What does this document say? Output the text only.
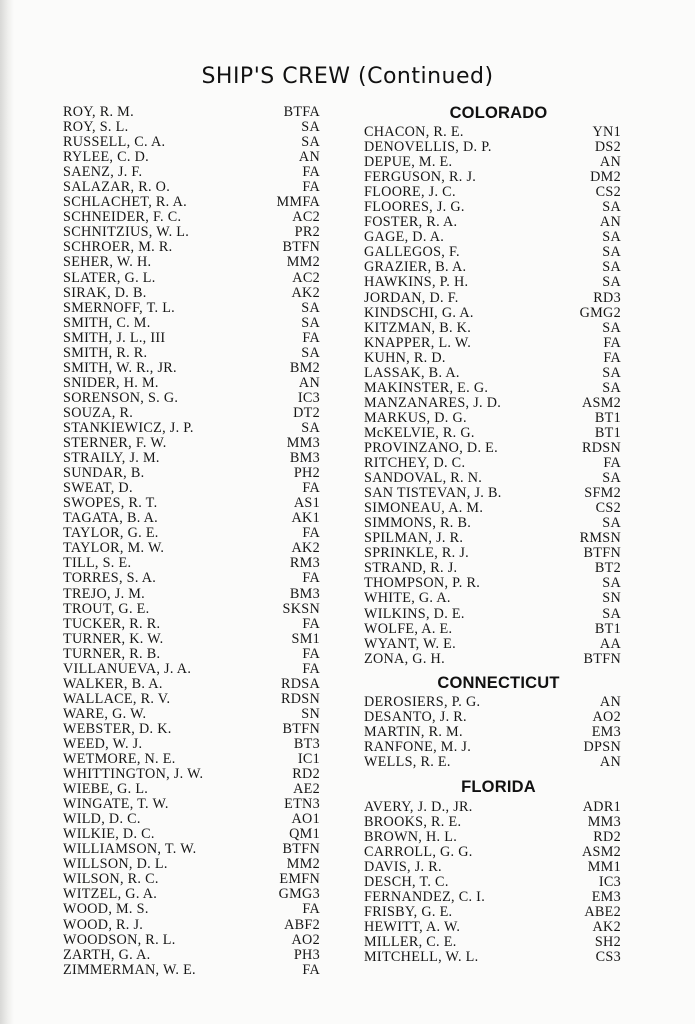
SHIP'S CREW (Continued)
ROY, R. M.	BTFA
ROY, S. L.	SA
RUSSELL, C. A.	SA
RYLEE, C. D.	AN
SAENZ, J. F.	FA
SALAZAR, R. O.	FA
SCHLACHET, R. A.	MMFA
SCHNEIDER, F. C.	AC2
SCHNITZIUS, W. L.	PR2
SCHROER, M. R.	BTFN
SEHER, W. H.	MM2
SLATER, G. L.	AC2
SIRAK, D. B.	AK2
SMERNOFF, T. L.	SA
SMITH, C. M.	SA
SMITH, J. L., III	FA
SMITH, R. R.	SA
SMITH, W. R., JR.	BM2
SNIDER, H. M.	AN
SORENSON, S. G.	IC3
SOUZA, R.	DT2
STANKIEWICZ, J. P.	SA
STERNER, F. W.	MM3
STRAILY, J. M.	BM3
SUNDAR, B.	PH2
SWEAT, D.	FA
SWOPES, R. T.	AS1
TAGATA, B. A.	AK1
TAYLOR, G. E.	FA
TAYLOR, M. W.	AK2
TILL, S. E.	RM3
TORRES, S. A.	FA
TREJO, J. M.	BM3
TROUT, G. E.	SKSN
TUCKER, R. R.	FA
TURNER, K. W.	SM1
TURNER, R. B.	FA
VILLANUEVA, J. A.	FA
WALKER, B. A.	RDSA
WALLACE, R. V.	RDSN
WARE, G. W.	SN
WEBSTER, D. K.	BTFN
WEED, W. J.	BT3
WETMORE, N. E.	IC1
WHITTINGTON, J. W.	RD2
WIEBE, G. L.	AE2
WINGATE, T. W.	ETN3
WILD, D. C.	AO1
WILKIE, D. C.	QM1
WILLIAMSON, T. W.	BTFN
WILLSON, D. L.	MM2
WILSON, R. C.	EMFN
WITZEL, G. A.	GMG3
WOOD, M. S.	FA
WOOD, R. J.	ABF2
WOODSON, R. L.	AO2
ZARTH, G. A.	PH3
ZIMMERMAN, W. E.	FA
COLORADO
CHACON, R. E.	YN1
DENOVELLIS, D. P.	DS2
DEPUE, M. E.	AN
FERGUSON, R. J.	DM2
FLOORE, J. C.	CS2
FLOORES, J. G.	SA
FOSTER, R. A.	AN
GAGE, D. A.	SA
GALLEGOS, F.	SA
GRAZIER, B. A.	SA
HAWKINS, P. H.	SA
JORDAN, D. F.	RD3
KINDSCHI, G. A.	GMG2
KITZMAN, B. K.	SA
KNAPPER, L. W.	FA
KUHN, R. D.	FA
LASSAK, B. A.	SA
MAKINSTER, E. G.	SA
MANZANARES, J. D.	ASM2
MARKUS, D. G.	BT1
McKELVIE, R. G.	BT1
PROVINZANO, D. E.	RDSN
RITCHEY, D. C.	FA
SANDOVAL, R. N.	SA
SAN TISTEVAN, J. B.	SFM2
SIMONEAU, A. M.	CS2
SIMMONS, R. B.	SA
SPILMAN, J. R.	RMSN
SPRINKLE, R. J.	BTFN
STRAND, R. J.	BT2
THOMPSON, P. R.	SA
WHITE, G. A.	SN
WILKINS, D. E.	SA
WOLFE, A. E.	BT1
WYANT, W. E.	AA
ZONA, G. H.	BTFN
CONNECTICUT
DEROSIERS, P. G.	AN
DESANTO, J. R.	AO2
MARTIN, R. M.	EM3
RANFONE, M. J.	DPSN
WELLS, R. E.	AN
FLORIDA
AVERY, J. D., JR.	ADR1
BROOKS, R. E.	MM3
BROWN, H. L.	RD2
CARROLL, G. G.	ASM2
DAVIS, J. R.	MM1
DESCH, T. C.	IC3
FERNANDEZ, C. I.	EM3
FRISBY, G. E.	ABE2
HEWITT, A. W.	AK2
MILLER, C. E.	SH2
MITCHELL, W. L.	CS3
